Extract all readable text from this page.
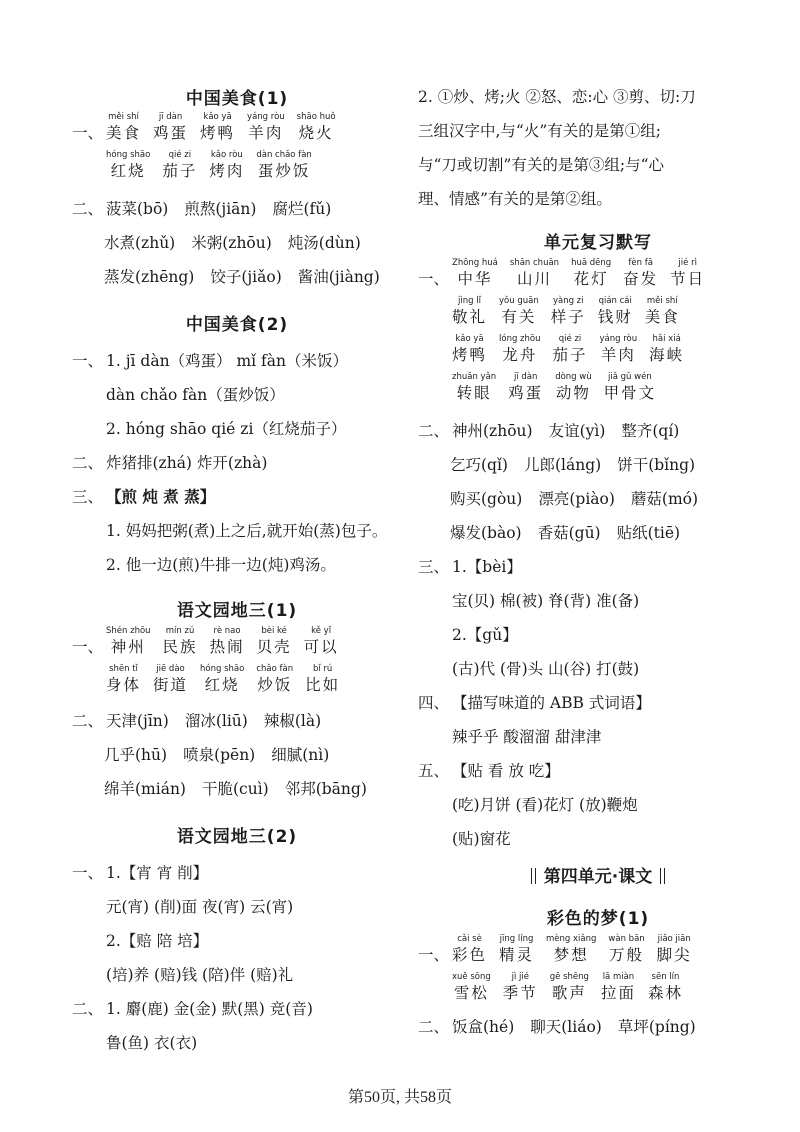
中国美食(1)
一、
měi shí
美食
jī dàn
鸡蛋
kǎo yā
烤鸭
yáng ròu
羊肉
shāo huǒ
烧火
hóng shāo
红烧
qié zi
茄子
kǎo ròu
烤肉
dàn chǎo fàn
蛋炒饭
二、 菠菜(bō) 煎熬(jiān) 腐烂(fǔ)
水煮(zhǔ) 米粥(zhōu) 炖汤(dùn)
蒸发(zhēng) 饺子(jiǎo) 酱油(jiàng)
中国美食(2)
一、 1. jī dàn（鸡蛋） mǐ fàn（米饭）
dàn chǎo fàn（蛋炒饭）
2. hóng shāo qié zi（红烧茄子）
二、 炸猪排(zhá) 炸开(zhà)
三、 【煎 炖 煮 蒸】
1. 妈妈把粥(煮)上之后,就开始(蒸)包子。
2. 他一边(煎)牛排一边(炖)鸡汤。
语文园地三(1)
一、
Shén zhōu
神州
mín zú
民族
rè nao
热闹
bèi ké
贝壳
kě yǐ
可以
shēn tǐ
身体
jiē dào
街道
hóng shāo
红烧
chǎo fàn
炒饭
bǐ rú
比如
二、 天津(jīn) 溜冰(liū) 辣椒(là)
几乎(hū) 喷泉(pēn) 细腻(nì)
绵羊(mián) 干脆(cuì) 邻邦(bāng)
语文园地三(2)
一、 1.【宵 宵 削】
元(宵) (削)面 夜(宵) 云(宵)
2.【赔 陪 培】
(培)养 (赔)钱 (陪)伴 (赔)礼
二、 1. 麝(鹿) 金(金) 默(黑) 竞(音)
鲁(鱼) 衣(衣)
2. ①炒、烤;火 ②怒、恋:心 ③剪、切:刀
三组汉字中,与“火”有关的是第①组;
与“刀或切割”有关的是第③组;与“心
理、情感”有关的是第②组。
单元复习默写
一、
Zhōng huá
中华
shān chuān
山川
huā dēng
花灯
fèn fā
奋发
jié rì
节日
jìng lǐ
敬礼
yǒu guān
有关
yàng zi
样子
qián cái
钱财
měi shí
美食
kǎo yā
烤鸭
lóng zhōu
龙舟
qié zi
茄子
yáng ròu
羊肉
hǎi xiá
海峡
zhuǎn yǎn
转眼
jī dàn
鸡蛋
dòng wù
动物
jiǎ gǔ wén
甲骨文
二、 神州(zhōu) 友谊(yì) 整齐(qí)
乞巧(qǐ) 儿郎(láng) 饼干(bǐng)
购买(gòu) 漂亮(piào) 蘑菇(mó)
爆发(bào) 香菇(gū) 贴纸(tiē)
三、 1.【bèi】
宝(贝) 棉(被) 脊(背) 准(备)
2.【gǔ】
(古)代 (骨)头 山(谷) 打(鼓)
四、 【描写味道的 ABB 式词语】
辣乎乎 酸溜溜 甜津津
五、 【贴 看 放 吃】
(吃)月饼 (看)花灯 (放)鞭炮
(贴)窗花
第四单元·课文
彩色的梦(1)
一、
cǎi sè
彩色
jīng líng
精灵
mèng xiǎng
梦想
wàn bān
万般
jiǎo jiān
脚尖
xuě sōng
雪松
jì jié
季节
gē shēng
歌声
lā miàn
拉面
sēn lín
森林
二、 饭盒(hé) 聊天(liáo) 草坪(píng)
第50页, 共58页
